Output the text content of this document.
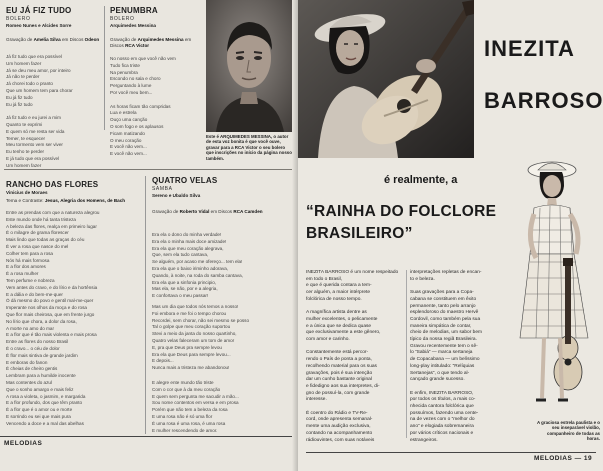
EU JÁ FIZ TUDO
BOLERO
Romeo Nunes e Alcides Sorre
Gravação de Amelia Silva em Discos Odeon
Já fiz tudo que era possível
Um homem fazer
Já se deu meu amor, por inteiro
Já não te perder
Já chorei todo o pranto
Que um homem tem para chorar
Eu já fiz tudo
Eu já fiz tudo

Já fiz tudo e eu jurei a mim
Quanto te exprimi
E quem só me resta ser vida
Temer, te esquecer
Meu tormento vem ser viver
Eu tenho te perder
E já tudo que era possível
Um homem fazer
PENUMBRA
BOLERO
Arquimedes Messina
Gravação de Arquimedes Messina em Discos RCA Victor
No nosso em que você não vem
Tudo fica triste
Na penumbra
Escondo no sala e choro
Perguntando à lume
Por você meu bem...

As horas ficam tão compridas
Lua e estrela
Ouço uma canção
O som fogo e os aplausos
Ficam matizando
O meu coração
E você não vem...
E você não vem...
Este é ARQUIMEDES MESSINA, o autor de esta voz bonita é que você ouve, gravar para a RCA Victor o seu bolero que inscrições no início da página nosso também.
RANCHO DAS FLORES
Vinicius de Moraes
Tema e Contraste: Jesus, Alegria dos Homens, de Bach
Entre as prendas com que a natureza alegrou
Este mundo onde há tanta tristeza
A beleza das flores, realça em primeiro lugar
É o milagre de grama florescer
Mais lindo que todas as graças do céu
É ver a rosa que nasce do mel
Colher tem para a rosa
Nós há mais formosa
E a flor dos amores
É a rosa mulher
Tem perfume e nobreza
Vem antes do cravo, e do lírio e da hortênsia
E a dália e do bem-me-quer
Ó dá mesmo do povo e gentil mal-me-quer
Imperante nos olhos da moça e do rosa
Que flor mais cheirosa, que em frente jurgo
No lírio que chora, a dolor da rosa,
A morte no amo do mar
E a flor que é tão mais violenta e mais prosa
Entre as flores do nosso Brasil
É o cravo... o céu de dolor
É flor mais sintiva de grande jardim
E emboras do fanon
É cheias de cheiro gentis
Lembram para a humilde inocente
Mas contentes do azul
Que o sonho amargo e mais feliz
A rosa a violeta, o jasmim, e margarida
E a flor profundo, dos que têm pranto
É a flor que é o amor ou e morte
E sorrindo eu sei que mais pura
Vencendo a doce e a mal das abelhas
QUATRO VELAS
SAMBA
Sereno e Ubaldo Silva
Gravação de Roberto Vidal em Discos RCA Camden
Era ela o dono do minha verdade!
Era ela o minha mais doce amizade!
Era ela que meu coração alegrava,
Que, sem ela tudo cantava,
Se alguém, por acaso me ofereço... tem ela!
Era ela que o baixo iriminho adorava,
Quando, à noite, na roda do samba cantava,
Era ela que a sinfonia principio,
Mas ela, se não, por e a alegria,
E confortava o meu passar!
Mas um dia que todos nós temos a nosso!
Foi embora e me foi o tempo chorou
Recordei, sem chorar, não sei mesmo se posso
Tal o golpe que meu coração suportou
Stevi a meio da janta do nosso quartinho,
Quatro velas faleceram um tom de amor
E, pra que Deus pra sempre levou
Era ela que Deus para sempre levou...
E depois...
Nunca mais a tristeza me abandonou!
E alegre ente mundo tão triste
Com o cor que à da meu coração
E quem sem pergunta me sacudir a mão...
Sou nome contentos em versa e em prosa
Porém que não tem a beleza da rosa
E uma rosa não é só uma flor
É uma rosa é uma rosa, é uma rosa
E mulher rescendendo de amor.
MELODIAS
INEZITA
BARROSO
é realmente, a
“RAINHA DO FOLCLORE
BRASILEIRO”
INEZITA BARROSO é um nome respeitado em todo o Brasil,
e que é querida contara a tem-
cer alguém, a maior intérprete
folclórica de nosso tempo.

A magnífica artista dentre as
mulher excelentes, o pelicamente
e a única que se dedica quase
que exclusivamente a este gênero,
com amor e carinho.

Constantemente está percor-
rendo o País de ponta a ponta,
recolhendo material para os suas
gravações, pois é sua intenção
dar um cunho bastante original
e fidedigno aos sua interpretes, di-
gno de possuí-la, com grande
interesse.

É coentro do Rádio e TV-Re-
cord, onde apresenta semanal-
mente uma audição exclusiva,
contando na acompanhamento
rádiouvintes, com suas notáveis
interpretações repletas de encan-
to e beleza.

Suas gravações para a Copa-
cabana se constituem em êxito
permanente, tanto pelo arranjo
esplendoroso do maestro Hervê
Cordovil, como também pela sua
maneira simpática de contar,
cheio de melodias, um sabor bem
típico da nossa regiã Brasileira.
Gravou recentemente tem o sê-
lo “Sabiá” — marca sertaneja
de Copacabana — um belíssimo
long-play intitulado: “Relíquias
Sertanejas”, o que tendo al-
cançado grande sucesso.

E enfim, INEZITA BARROSO,
por todos os títulos, a mais co-
nhecida cantora folclórica que
possuímos, fazendo uma cente-
na de vezes com o “melhor do
ano” e elogiada sobremaneira
por vários críticos nacionais e
estrangeiros.
A graciosa estrela paulista e o seu inseparável violão, companheiro de todas as horas.
MELODIAS — 19
